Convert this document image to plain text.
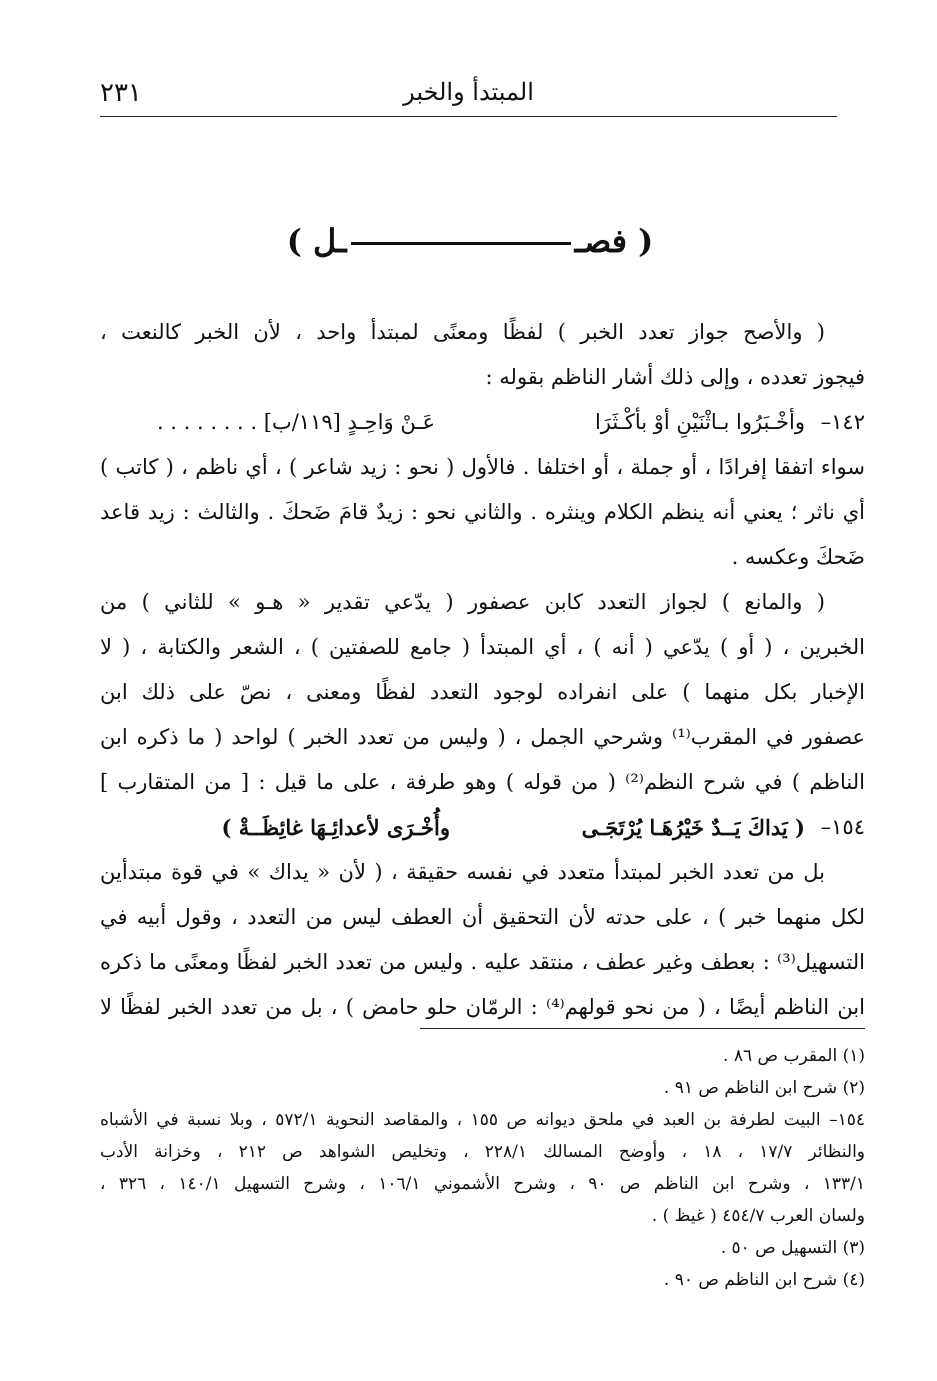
٢٣١	المبتدأ والخبر
( فصــل )
( والأصح جواز تعدد الخبر ) لفظًا ومعنًى لمبتدأ واحد ، لأن الخبر كالنعت ،
فيجوز تعدده ، وإلى ذلك أشار الناظم بقوله :
١٤٢–
وأخْـبَرُوا بـاثْنَيْنِ أوْ بأكْـثَرَا
عَـنْ وَاحِـدٍ [١١٩/ب] . . . . . . . .
سواء اتفقا إفرادًا ، أو جملة ، أو اختلفا . فالأول ( نحو : زيد شاعر ) ، أي ناظم ، ( كاتب )
أي ناثر ؛ يعني أنه ينظم الكلام وينثره . والثاني نحو : زيدٌ قامَ ضَحكَ . والثالث : زيد قاعد
ضَحكَ وعكسه .
( والمانع ) لجواز التعدد كابن عصفور ( يدّعي تقدير « هـو » للثاني ) من
الخبرين ، ( أو ) يدّعي ( أنه ) ، أي المبتدأ ( جامع للصفتين ) ، الشعر والكتابة ، ( لا
الإخبار بكل منهما ) على انفراده لوجود التعدد لفظًا ومعنى ، نصّ على ذلك ابن
عصفور في المقرب⁽¹⁾ وشرحي الجمل ، ( وليس من تعدد الخبر ) لواحد ( ما ذكره ابن
الناظم ) في شرح النظم⁽²⁾ ( من قوله ) وهو طرفة ، على ما قيل : [ من المتقارب ]
١٥٤–
( يَداكَ يَــدٌ خَيْرُهَـا يُرْتَجَـى
وأُخْـرَى لأعدائِـهَا غائِظَــةْ )
بل من تعدد الخبر لمبتدأ متعدد في نفسه حقيقة ، ( لأن « يداك » في قوة مبتدأين
لكل منهما خبر ) ، على حدته لأن التحقيق أن العطف ليس من التعدد ، وقول أبيه في
التسهيل⁽³⁾ : بعطف وغير عطف ، منتقد عليه . وليس من تعدد الخبر لفظًا ومعنًى ما ذكره
ابن الناظم أيضًا ، ( من نحو قولهم⁽⁴⁾ : الرمّان حلو حامض ) ، بل من تعدد الخبر لفظًا لا
(١) المقرب ص ٨٦ .
(٢) شرح ابن الناظم ص ٩١ .
١٥٤– البيت لطرفة بن العبد في ملحق ديوانه ص ١٥٥ ، والمقاصد النحوية ٥٧٢/١ ، وبلا نسبة في الأشباه
والنظائر ١٧/٧ ، ١٨ ، وأوضح المسالك ٢٢٨/١ ، وتخليص الشواهد ص ٢١٢ ، وخزانة الأدب
١٣٣/١ ، وشرح ابن الناظم ص ٩٠ ، وشرح الأشموني ١٠٦/١ ، وشرح التسهيل ١٤٠/١ ، ٣٢٦ ،
ولسان العرب ٤٥٤/٧ ( غيظ ) .
(٣) التسهيل ص ٥٠ .
(٤) شرح ابن الناظم ص ٩٠ .
